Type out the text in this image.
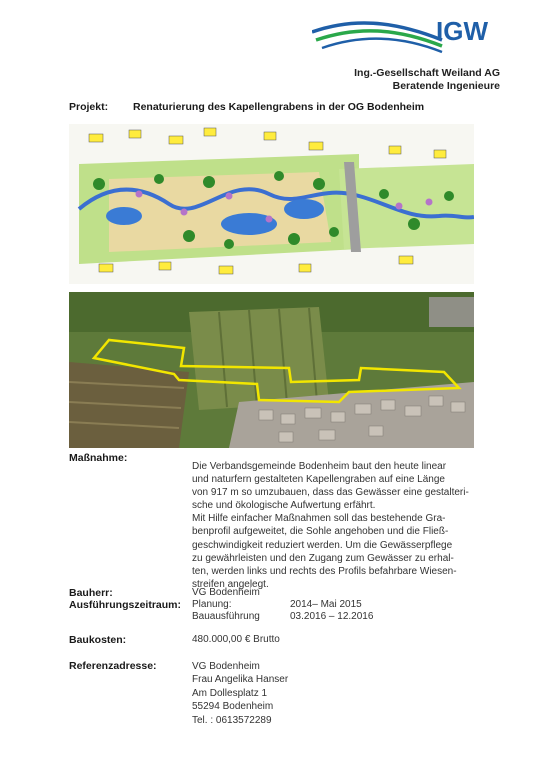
IGW
Ing.-Gesellschaft Weiland AG
Beratende Ingenieure
Projekt: Renaturierung des Kapellengrabens in der OG Bodenheim
Maßnahme:
Die Verbandsgemeinde Bodenheim baut den heute linear
und naturfern gestalteten Kapellengraben auf eine Länge
von 917 m so umzubauen, dass das Gewässer eine gestalteri-
sche und ökologische Aufwertung erfährt.
Mit Hilfe einfacher Maßnahmen soll das bestehende Gra-
benprofil aufgeweitet, die Sohle angehoben und die Fließ-
geschwindigkeit reduziert werden. Um die Gewässerpflege
zu gewährleisten und den Zugang zum Gewässer zu erhal-
ten, werden links und rechts des Profils befahrbare Wiesen-
streifen angelegt.
Bauherr:	VG Bodenheim
Ausführungszeitraum: Planung:	2014– Mai 2015
Bauausführung	03.2016 – 12.2016
Baukosten:	480.000,00 € Brutto
Referenzadresse:	VG Bodenheim
Frau Angelika Hanser
Am Dollesplatz 1
55294 Bodenheim
Tel. : 0613572289
